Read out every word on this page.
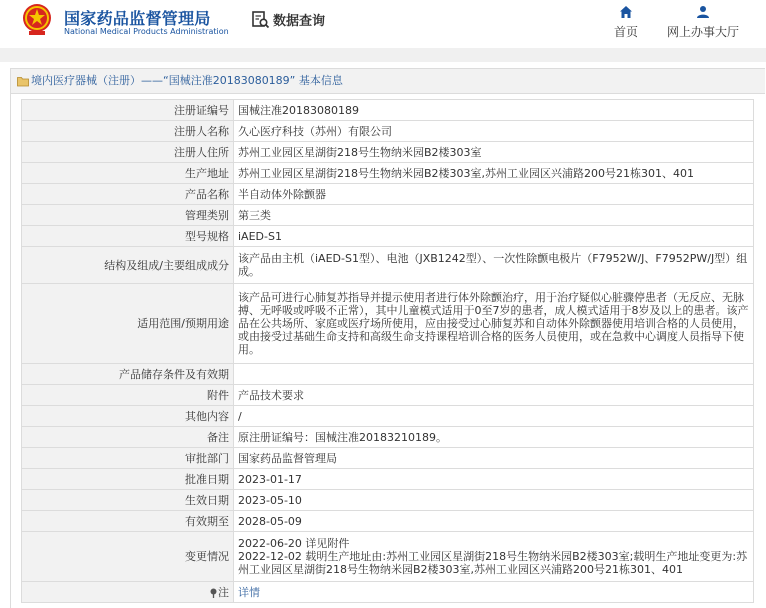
国家药品监督管理局
National Medical Products Administration
数据查询
首页	网上办事大厅
境内医疗器械（注册）——“国械注准20183080189” 基本信息
注册证编号	国械注准20183080189
注册人名称	久心医疗科技（苏州）有限公司
注册人住所	苏州工业园区星湖街218号生物纳米园B2楼303室
生产地址	苏州工业园区星湖街218号生物纳米园B2楼303室,苏州工业园区兴浦路200号21栋301、401
产品名称	半自动体外除颤器
管理类别	第三类
型号规格	iAED-S1
结构及组成/主要组成成分	该产品由主机（iAED-S1型）、电池（JXB1242型）、一次性除颤电极片（F7952W/J、F7952PW/J型）组成。
适用范围/预期用途	该产品可进行心肺复苏指导并提示使用者进行体外除颤治疗，用于治疗疑似心脏骤停患者（无反应、无脉搏、无呼吸或呼吸不正常），其中儿童模式适用于0至7岁的患者，成人模式适用于8岁及以上的患者。该产品在公共场所、家庭或医疗场所使用，应由接受过心肺复苏和自动体外除颤器使用培训合格的人员使用，或由接受过基础生命支持和高级生命支持课程培训合格的医务人员使用，或在急救中心调度人员指导下使用。
产品储存条件及有效期	
附件	产品技术要求
其他内容	/
备注	原注册证编号：国械注准20183210189。
审批部门	国家药品监督管理局
批准日期	2023-01-17
生效日期	2023-05-10
有效期至	2028-05-09
变更情况	2022-06-20 详见附件
2022-12-02 载明生产地址由:苏州工业园区星湖街218号生物纳米园B2楼303室;载明生产地址变更为:苏州工业园区星湖街218号生物纳米园B2楼303室,苏州工业园区兴浦路200号21栋301、401

注	详情
